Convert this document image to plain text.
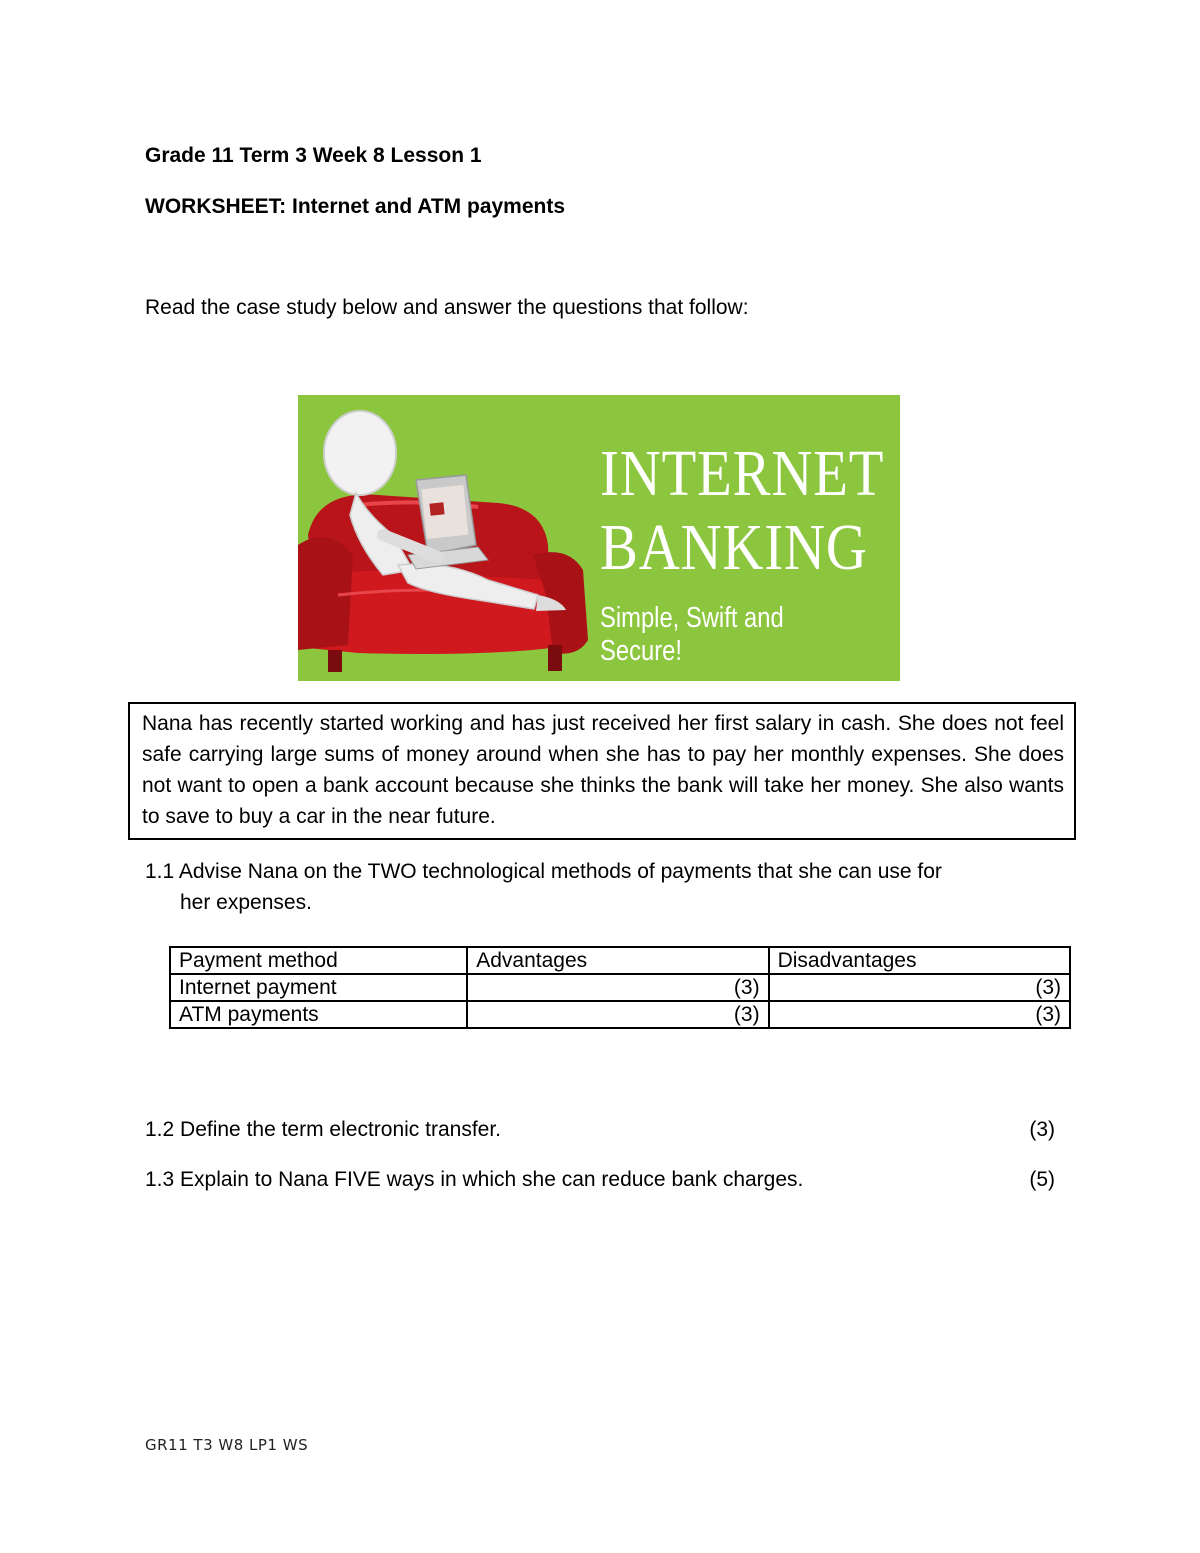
Grade 11 Term 3 Week 8 Lesson 1
WORKSHEET: Internet and ATM payments
Read the case study below and answer the questions that follow:
INTERNET
BANKING
Simple, Swift and Secure!
Nana has recently started working and has just received her first salary in cash. She does not feel safe carrying large sums of money around when she has to pay her monthly expenses. She does not want to open a bank account because she thinks the bank will take her money. She also wants to save to buy a car in the near future.
1.1 Advise Nana on the TWO technological methods of payments that she can use for
her expenses.
Payment method	Advantages	Disadvantages
Internet payment	(3)	(3)
ATM payments	(3)	(3)
1.2 Define the term electronic transfer.	(3)
1.3 Explain to Nana FIVE ways in which she can reduce bank charges.	(5)
GR11 T3 W8 LP1 WS
